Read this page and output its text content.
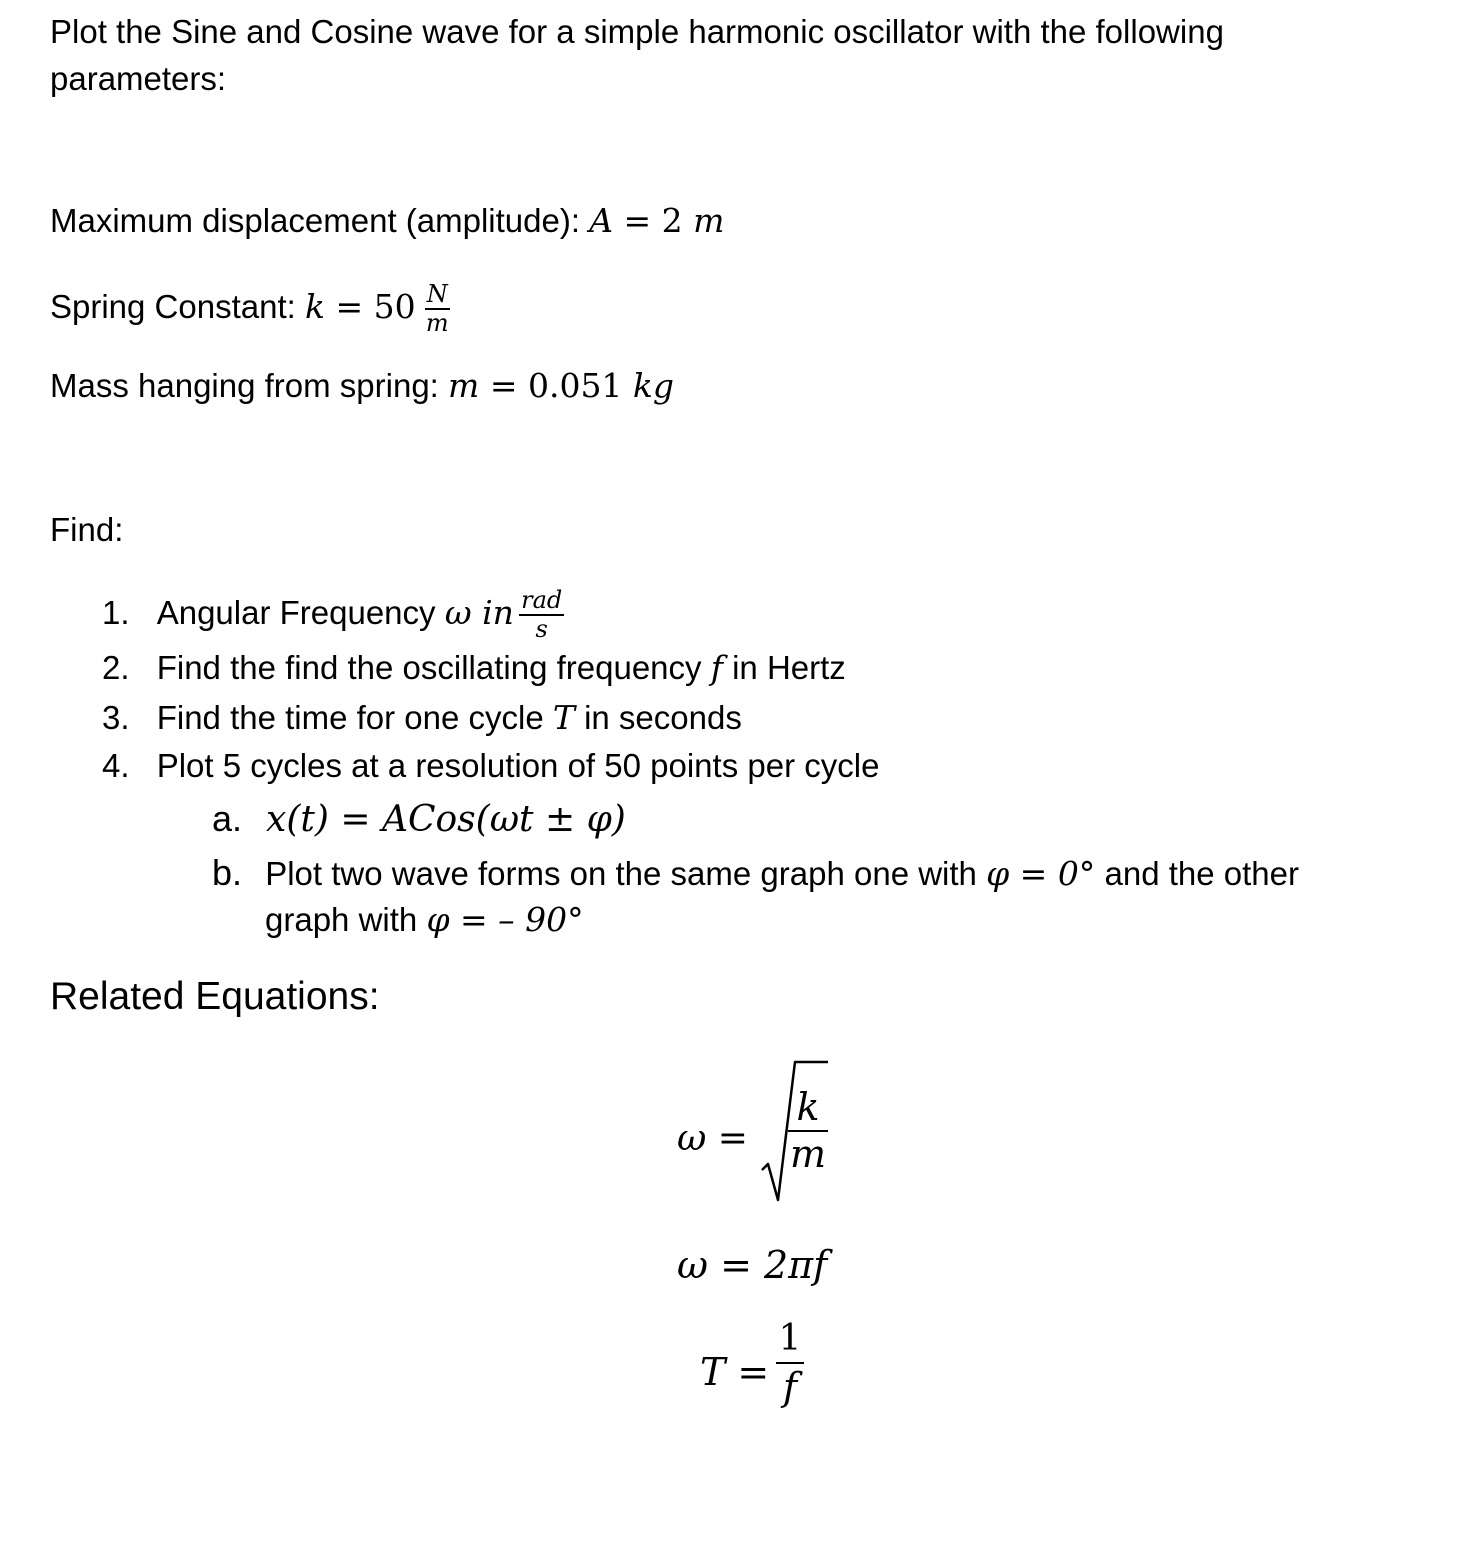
Plot the Sine and Cosine wave for a simple harmonic oscillator with the following
parameters:
Maximum displacement (amplitude): A = 2 m
Spring Constant: $k = 50 \frac{N}{m}$
Mass hanging from spring: m = 0.051 kg
Find:
1. Angular Frequency ω in $\frac{\text{rad}}{s}$
2. Find the find the oscillating frequency f in Hertz
3. Find the time for one cycle T in seconds
4. Plot 5 cycles at a resolution of 50 points per cycle
a. x(t) = ACos(ωt ± φ)
b. Plot two wave forms on the same graph one with φ = 0° and the other
graph with φ = – 90°
Related Equations:
ω =
k
m
ω = 2πf
T =
1
f
